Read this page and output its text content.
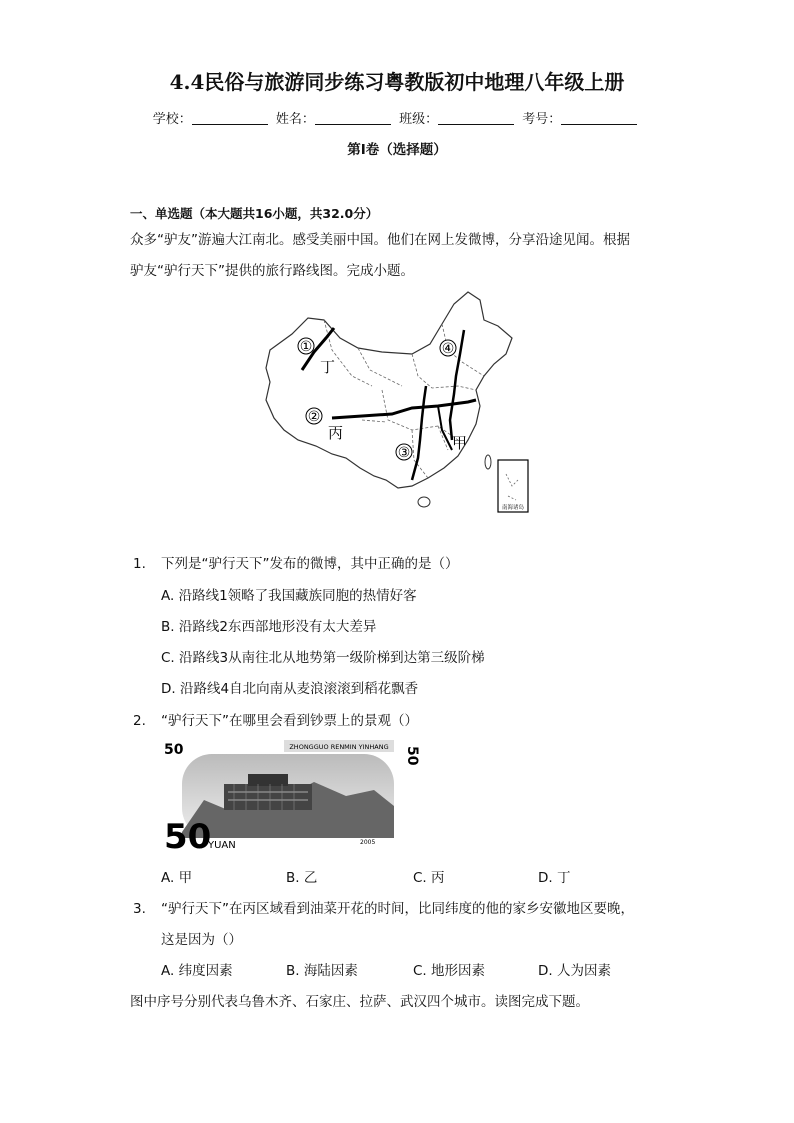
4.4民俗与旅游同步练习粤教版初中地理八年级上册
学校：	姓名：	班级：	考号：
第I卷（选择题）
一、单选题（本大题共16小题，共32.0分）
众多“驴友”游遍大江南北。感受美丽中国。他们在网上发微博，分享沿途见闻。根据
驴友“驴行天下”提供的旅行路线图。完成小题。
①
②
③
④
丁
丙
甲
南海诸岛
1. 下列是“驴行天下”发布的微博，其中正确的是（）
A. 沿路线1领略了我国藏族同胞的热情好客
B. 沿路线2东西部地形没有太大差异
C. 沿路线3从南往北从地势第一级阶梯到达第三级阶梯
D. 沿路线4自北向南从麦浪滚滚到稻花飘香
2. “驴行天下”在哪里会看到钞票上的景观（）
ZHONGGUO RENMIN YINHANG
50	50
50
YUAN	2005
A. 甲	B. 乙	C. 丙	D. 丁
3. “驴行天下”在丙区域看到油菜开花的时间，比同纬度的他的家乡安徽地区要晚，
这是因为（）
A. 纬度因素	B. 海陆因素	C. 地形因素	D. 人为因素
图中序号分别代表乌鲁木齐、石家庄、拉萨、武汉四个城市。读图完成下题。
